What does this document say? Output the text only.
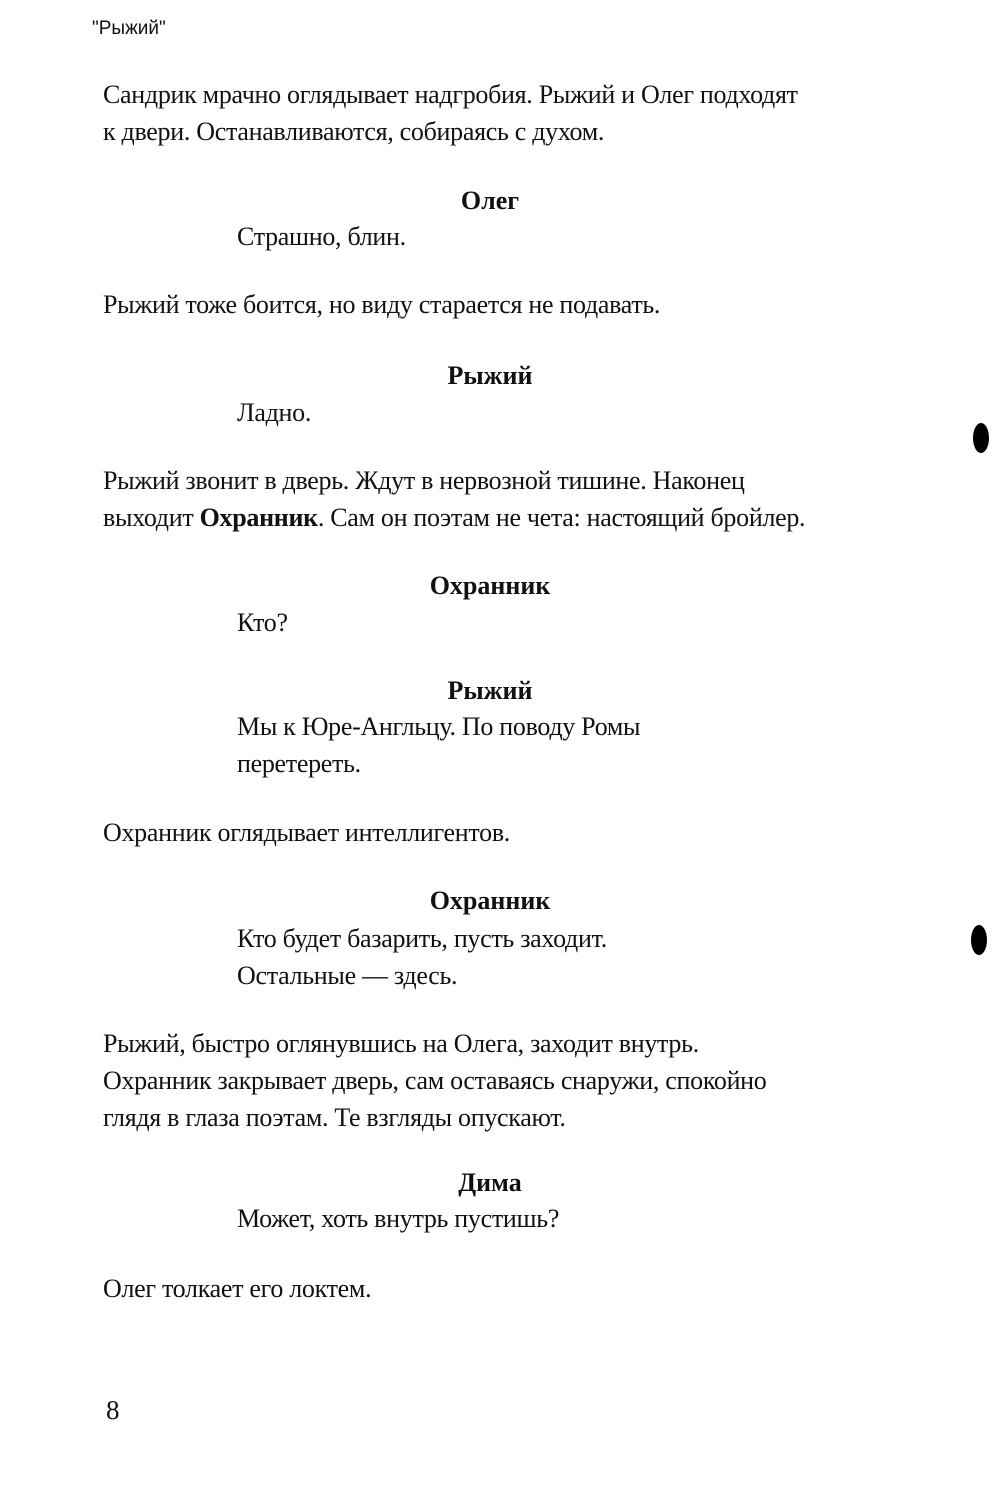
"Рыжий"

Сандрик мрачно оглядывает надгробия. Рыжий и Олег подходят
к двери. Останавливаются, собираясь с духом.

Олег

Страшно, блин.

Рыжий тоже боится, но виду старается не подавать.

Рыжий

Ладно.

Рыжий звонит в дверь. Ждут в нервозной тишине. Наконец
выходит Охранник. Сам он поэтам не чета: настоящий бройлер.

Охранник

Кто?

Рыжий

Мы к Юре-Англьцу. По поводу Ромы
перетереть.

Охранник оглядывает интеллигентов.

Охранник

Кто будет базарить, пусть заходит.
Остальные — здесь.

Рыжий, быстро оглянувшись на Олега, заходит внутрь.
Охранник закрывает дверь, сам оставаясь снаружи, спокойно
глядя в глаза поэтам. Те взгляды опускают.

Дима

Может, хоть внутрь пустишь?

Олег толкает его локтем.

8
